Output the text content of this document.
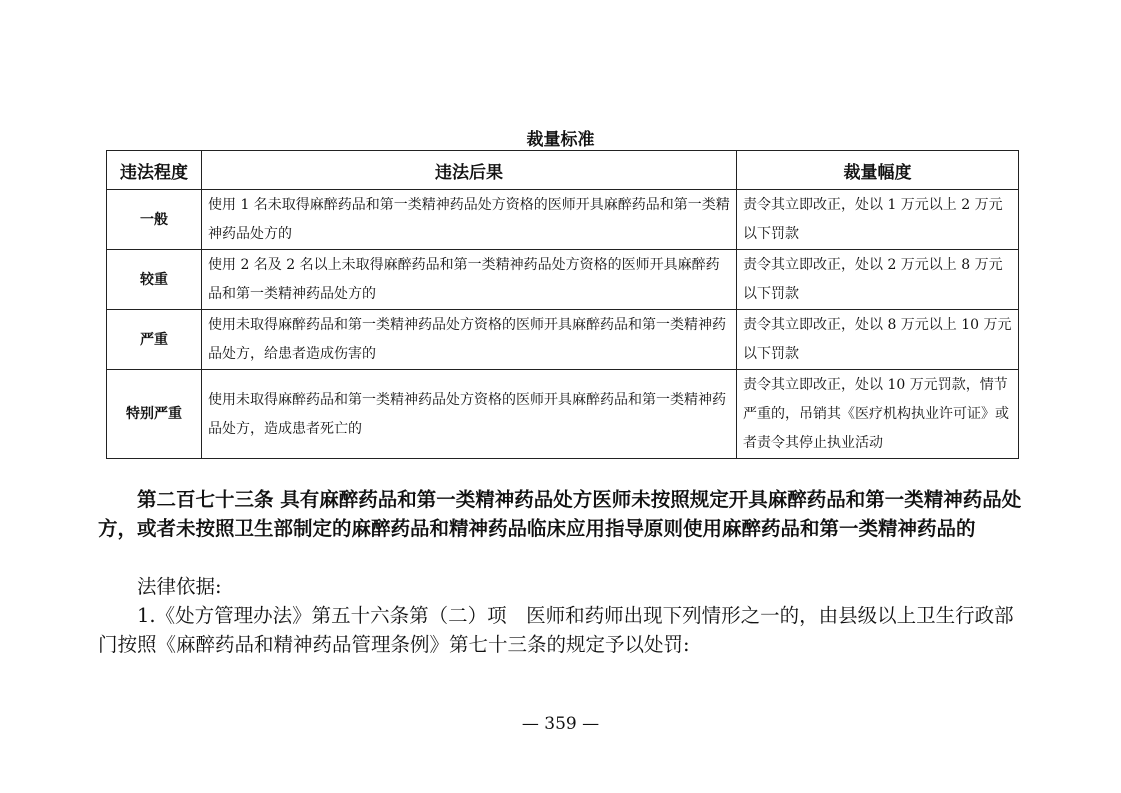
裁量标准
违法程度	违法后果	裁量幅度
一般	使用 1 名未取得麻醉药品和第一类精神药品处方资格的医师开具麻醉药品和第一类精神药品处方的	责令其立即改正，处以 1 万元以上 2 万元以下罚款
较重	使用 2 名及 2 名以上未取得麻醉药品和第一类精神药品处方资格的医师开具麻醉药品和第一类精神药品处方的	责令其立即改正，处以 2 万元以上 8 万元以下罚款
严重	使用未取得麻醉药品和第一类精神药品处方资格的医师开具麻醉药品和第一类精神药品处方，给患者造成伤害的	责令其立即改正，处以 8 万元以上 10 万元以下罚款
特别严重	使用未取得麻醉药品和第一类精神药品处方资格的医师开具麻醉药品和第一类精神药品处方，造成患者死亡的	责令其立即改正，处以 10 万元罚款，情节严重的，吊销其《医疗机构执业许可证》或者责令其停止执业活动
第二百七十三条 具有麻醉药品和第一类精神药品处方医师未按照规定开具麻醉药品和第一类精神药品处方，或者未按照卫生部制定的麻醉药品和精神药品临床应用指导原则使用麻醉药品和第一类精神药品的
法律依据:
1.《处方管理办法》第五十六条第（二）项　医师和药师出现下列情形之一的，由县级以上卫生行政部门按照《麻醉药品和精神药品管理条例》第七十三条的规定予以处罚:
— 359 —
